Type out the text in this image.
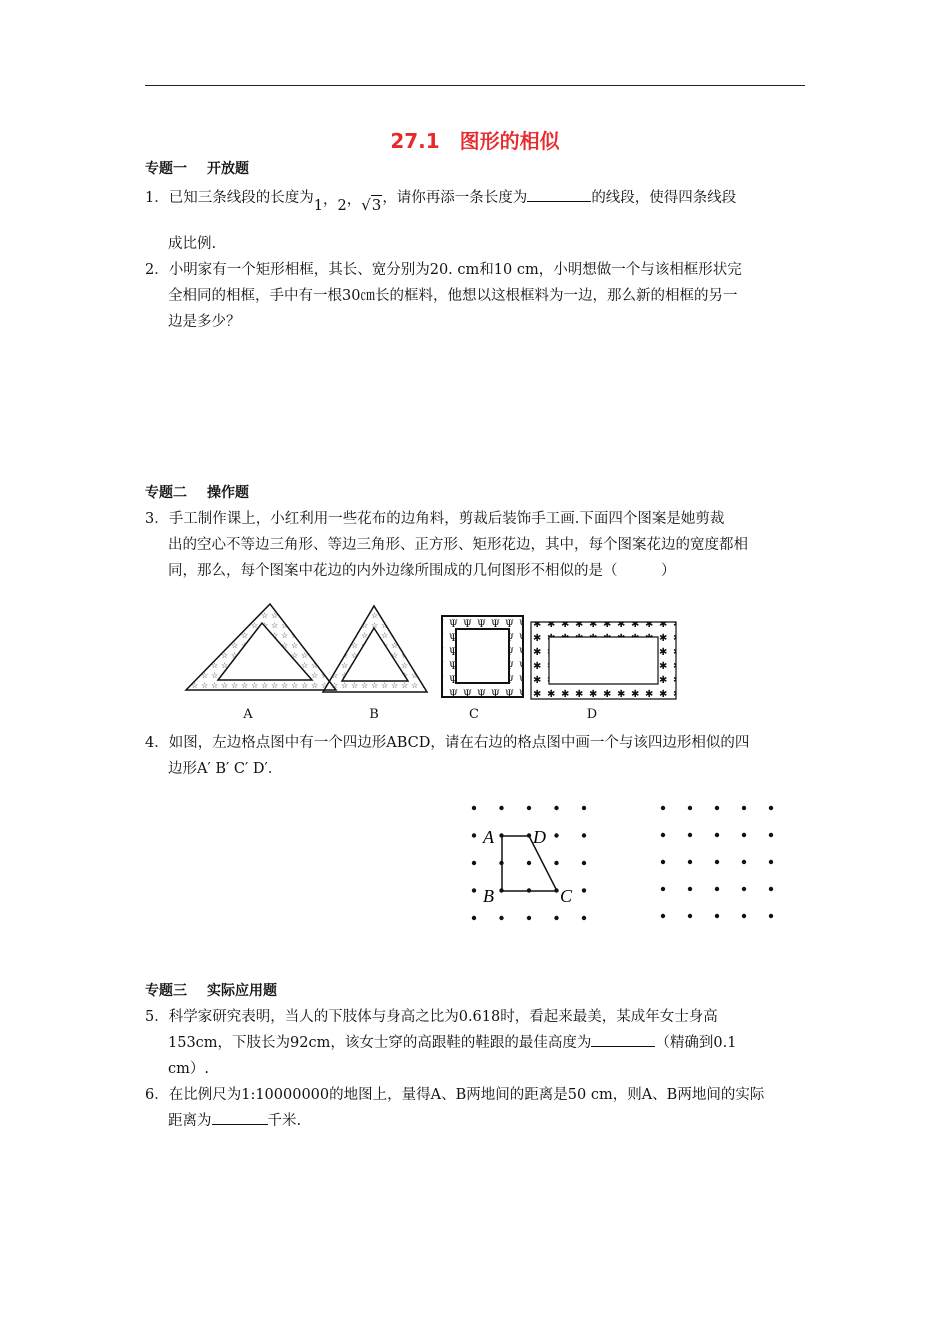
27.1 图形的相似
专题一 开放题
1．已知三条线段的长度为1，2，√3，请你再添一条长度为	的线段，使得四条线段
成比例.
2．小明家有一个矩形相框，其长、宽分别为20. cm和10 cm，小明想做一个与该相框形状完
全相同的相框，手中有一根30㎝长的框料，他想以这根框料为一边，那么新的相框的另一
边是多少？
专题二 操作题
3．手工制作课上，小红利用一些花布的边角料，剪裁后装饰手工画.下面四个图案是她剪裁
出的空心不等边三角形、等边三角形、正方形、矩形花边，其中，每个图案花边的宽度都相
同，那么，每个图案中花边的内外边缘所围成的几何图形不相似的是（　　　）
A	B	C	D
4．如图，左边格点图中有一个四边形ABCD，请在右边的格点图中画一个与该四边形相似的四
边形A′ B′ C′ D′．
A D
B	C
专题三 实际应用题
5．科学家研究表明，当人的下肢体与身高之比为0.618时，看起来最美，某成年女士身高
153cm，下肢长为92cm，该女士穿的高跟鞋的鞋跟的最佳高度为	（精确到0.1
cm）.
6．在比例尺为1:10000000的地图上，量得A、B两地间的距离是50 cm，则A、B两地间的实际
距离为	千米.
